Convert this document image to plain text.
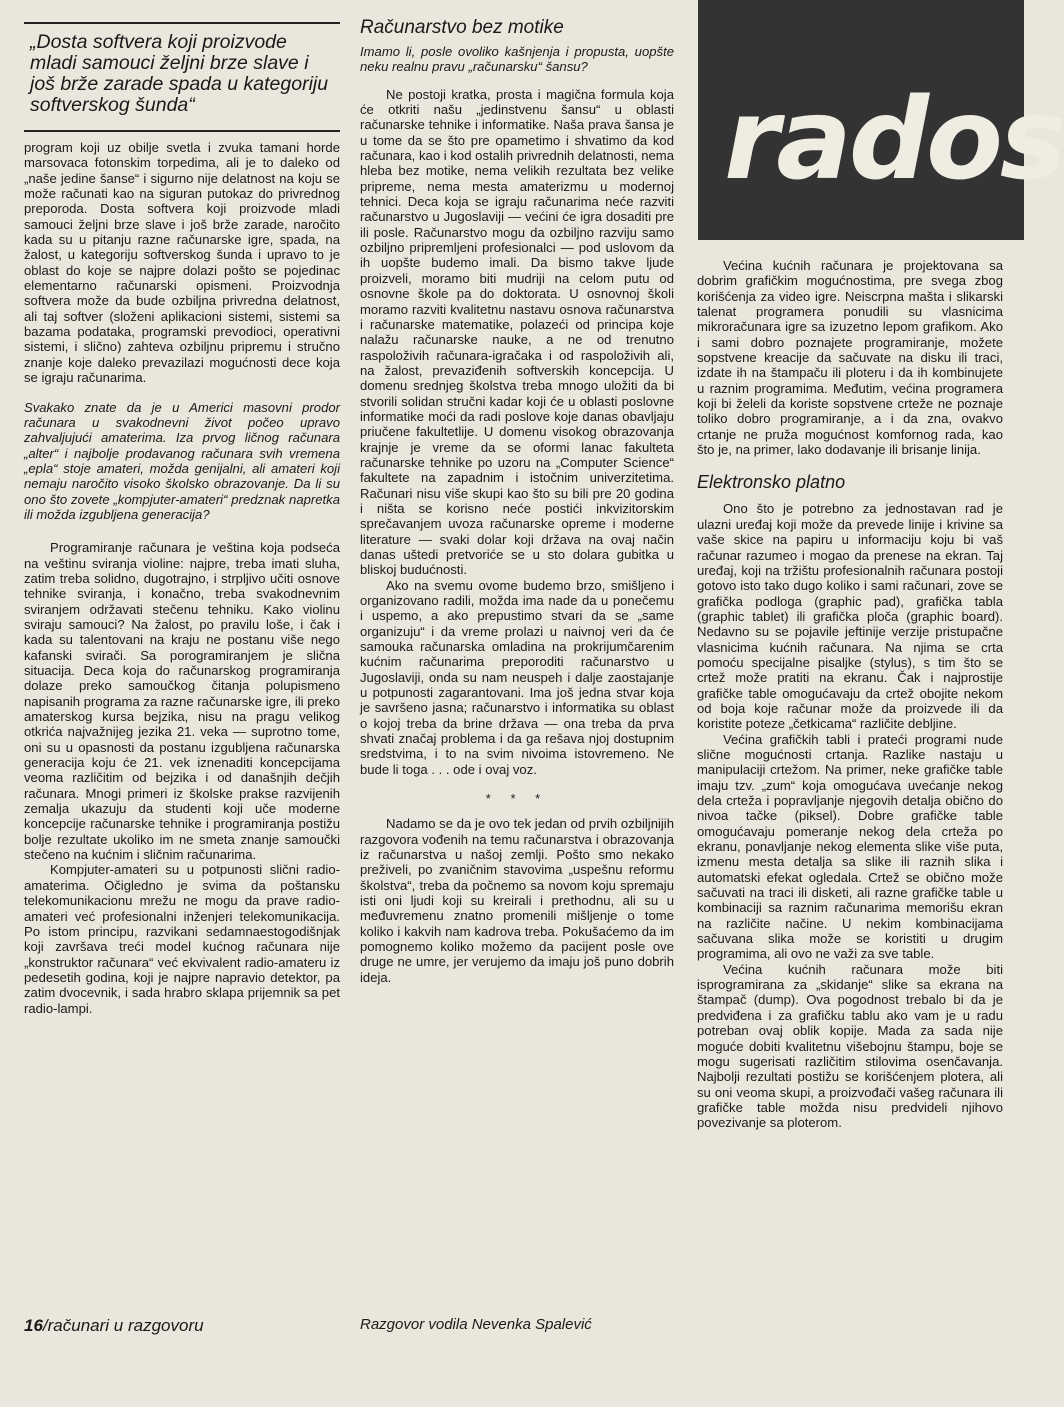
„Dosta softvera koji proizvode mladi samouci željni brze slave i još brže zarade spada u kategoriju softverskog šunda“

program koji uz obilje svetla i zvuka tamani horde marsovaca fotonskim torpedima, ali je to daleko od „naše jedine šanse“ i sigurno nije delatnost na koju se može računati kao na siguran putokaz do privrednog preporoda. Dosta softvera koji proizvode mladi samouci željni brze slave i još brže zarade, naročito kada su u pitanju razne računarske igre, spada, na žalost, u kategoriju softverskog šunda i upravo to je oblast do koje se najpre dolazi pošto se pojedinac elementarno računarski opismeni. Proizvodnja softvera može da bude ozbiljna privredna delatnost, ali taj softver (složeni aplikacioni sistemi, sistemi sa bazama podataka, programski prevodioci, operativni sistemi, i slično) zahteva ozbiljnu pripremu i stručno znanje koje daleko prevazilazi mogućnosti dece koja se igraju računarima.

Svakako znate da je u Americi masovni prodor računara u svakodnevni život počeo upravo zahvaljujući amaterima. Iza prvog ličnog računara „alter“ i najbolje prodavanog računara svih vremena „epla“ stoje amateri, možda genijalni, ali amateri koji nemaju naročito visoko školsko obrazovanje. Da li su ono što zovete „kompjuter-amateri“ predznak napretka ili možda izgubljena generacija?

Programiranje računara je veština koja podseća na veštinu sviranja violine: najpre, treba imati sluha, zatim treba solidno, dugotrajno, i strpljivo učiti osnove tehnike sviranja, i konačno, treba svakodnevnim sviranjem održavati stečenu tehniku. Kako violinu sviraju samouci? Na žalost, po pravilu loše, i čak i kada su talentovani na kraju ne postanu više nego kafanski svirači. Sa porogramiranjem je slična situacija. Deca koja do računarskog programiranja dolaze preko samoučkog čitanja polupismeno napisanih programa za razne računarske igre, ili preko amaterskog kursa bejzika, nisu na pragu velikog otkrića najvažnijeg jezika 21. veka — suprotno tome, oni su u opasnosti da postanu izgubljena računarska generacija koju će 21. vek iznenaditi koncepcijama veoma različitim od bejzika i od današnjih dečjih računara. Mnogi primeri iz školske prakse razvijenih zemalja ukazuju da studenti koji uče moderne koncepcije računarske tehnike i programiranja postižu bolje rezultate ukoliko im ne smeta znanje samoučki stečeno na kućnim i sličnim računarima.

Kompjuter-amateri su u potpunosti slični radio-amaterima. Očigledno je svima da poštansku telekomunikacionu mrežu ne mogu da prave radio-amateri već profesionalni inženjeri telekomunikacija. Po istom principu, razvikani sedamnaestogodišnjak koji završava treći model kućnog računara nije „konstruktor računara“ već ekvivalent radio-amateru iz pedesetih godina, koji je najpre napravio detektor, pa zatim dvocevnik, i sada hrabro sklapa prijemnik sa pet radio-lampi.

16/računari u razgovoru
Računarstvo bez motike

Imamo li, posle ovoliko kašnjenja i propusta, uopšte neku realnu pravu „računarsku“ šansu?

Ne postoji kratka, prosta i magična formula koja će otkriti našu „jedinstvenu šansu“ u oblasti računarske tehnike i informatike. Naša prava šansa je u tome da se što pre opametimo i shvatimo da kod računara, kao i kod ostalih privrednih delatnosti, nema hleba bez motike, nema velikih rezultata bez velike pripreme, nema mesta amaterizmu u modernoj tehnici. Deca koja se igraju računarima neće razviti računarstvo u Jugoslaviji — većini će igra dosaditi pre ili posle. Računarstvo mogu da ozbiljno razviju samo ozbiljno pripremljeni profesionalci — pod uslovom da ih uopšte budemo imali. Da bismo takve ljude proizveli, moramo biti mudriji na celom putu od osnovne škole pa do doktorata. U osnovnoj školi moramo razviti kvalitetnu nastavu osnova računarstva i računarske matematike, polazeći od principa koje nalažu računarske nauke, a ne od trenutno raspoloživih računara-igračaka i od raspoloživih ali, na žalost, prevaziđenih softverskih koncepcija. U domenu srednjeg školstva treba mnogo uložiti da bi stvorili solidan stručni kadar koji će u oblasti poslovne informatike moći da radi poslove koje danas obavljaju priučene fakultetlije. U domenu visokog obrazovanja krajnje je vreme da se oformi lanac fakulteta računarske tehnike po uzoru na „Computer Science“ fakultete na zapadnim i istočnim univerzitetima. Računari nisu više skupi kao što su bili pre 20 godina i ništa se korisno neće postići inkvizitorskim sprečavanjem uvoza računarske opreme i moderne literature — svaki dolar koji država na ovaj način danas uštedi pretvoriće se u sto dolara gubitka u bliskoj budućnosti.

Ako na svemu ovome budemo brzo, smišljeno i organizovano radili, možda ima nade da u ponečemu i uspemo, a ako prepustimo stvari da se „same organizuju“ i da vreme prolazi u naivnoj veri da će samouka računarska omladina na prokrijumčarenim kućnim računarima preporoditi računarstvo u Jugoslaviji, onda su nam neuspeh i dalje zaostajanje u potpunosti zagarantovani. Ima još jedna stvar koja je savršeno jasna; računarstvo i informatika su oblast o kojoj treba da brine država — ona treba da prva shvati značaj problema i da ga rešava njoj dostupnim sredstvima, i to na svim nivoima istovremeno. Ne bude li toga . . . ode i ovaj voz.

* * *

Nadamo se da je ovo tek jedan od prvih ozbiljnijih razgovora vođenih na temu računarstva i obrazovanja iz računarstva u našoj zemlji. Pošto smo nekako preživeli, po zvaničnim stavovima „uspešnu reformu školstva“, treba da počnemo sa novom koju spremaju isti oni ljudi koji su kreirali i prethodnu, ali su u međuvremenu znatno promenili mišljenje o tome koliko i kakvih nam kadrova treba. Pokušaćemo da im pomognemo koliko možemo da pacijent posle ove druge ne umre, jer verujemo da imaju još puno dobrih ideja.

Razgovor vodila Nevenka Spalević
rados

Većina kućnih računara je projektovana sa dobrim grafičkim mogućnostima, pre svega zbog korišćenja za video igre. Neiscrpna mašta i slikarski talenat programera ponudili su vlasnicima mikroračunara igre sa izuzetno lepom grafikom. Ako i sami dobro poznajete programiranje, možete sopstvene kreacije da sačuvate na disku ili traci, izdate ih na štampaču ili ploteru i da ih kombinujete u raznim programima. Međutim, većina programera koji bi želeli da koriste sopstvene crteže ne poznaje toliko dobro programiranje, a i da zna, ovakvo crtanje ne pruža mogućnost komfornog rada, kao što je, na primer, lako dodavanje ili brisanje linija.

Elektronsko platno

Ono što je potrebno za jednostavan rad je ulazni uređaj koji može da prevede linije i krivine sa vaše skice na papiru u informaciju koju bi vaš računar razumeo i mogao da prenese na ekran. Taj uređaj, koji na tržištu profesionalnih računara postoji gotovo isto tako dugo koliko i sami računari, zove se grafička podloga (graphic pad), grafička tabla (graphic tablet) ili grafička ploča (graphic board). Nedavno su se pojavile jeftinije verzije pristupačne vlasnicima kućnih računara. Na njima se crta pomoću specijalne pisaljke (stylus), s tim što se crtež može pratiti na ekranu. Čak i najprostije grafičke table omogućavaju da crtež obojite nekom od boja koje računar može da proizvede ili da koristite poteze „četkicama“ različite debljine.

Većina grafičkih tabli i prateći programi nude slične mogućnosti crtanja. Razlike nastaju u manipulaciji crtežom. Na primer, neke grafičke table imaju tzv. „zum“ koja omogućava uvećanje nekog dela crteža i popravljanje njegovih detalja obično do nivoa tačke (piksel). Dobre grafičke table omogućavaju pomeranje nekog dela crteža po ekranu, ponavljanje nekog elementa slike više puta, izmenu mesta detalja sa slike ili raznih slika i automatski efekat ogledala. Crtež se obično može sačuvati na traci ili disketi, ali razne grafičke table u kombinaciji sa raznim računarima memorišu ekran na različite načine. U nekim kombinacijama sačuvana slika može se koristiti u drugim programima, ali ovo ne važi za sve table.

Većina kućnih računara može biti isprogramirana za „skidanje“ slike sa ekrana na štampač (dump). Ova pogodnost trebalo bi da je predviđena i za grafičku tablu ako vam je u radu potreban ovaj oblik kopije. Mada za sada nije moguće dobiti kvalitetnu višebojnu štampu, boje se mogu sugerisati različitim stilovima osenčavanja. Najbolji rezultati postižu se korišćenjem plotera, ali su oni veoma skupi, a proizvođači vašeg računara ili grafičke table možda nisu predvideli njihovo povezivanje sa ploterom.
